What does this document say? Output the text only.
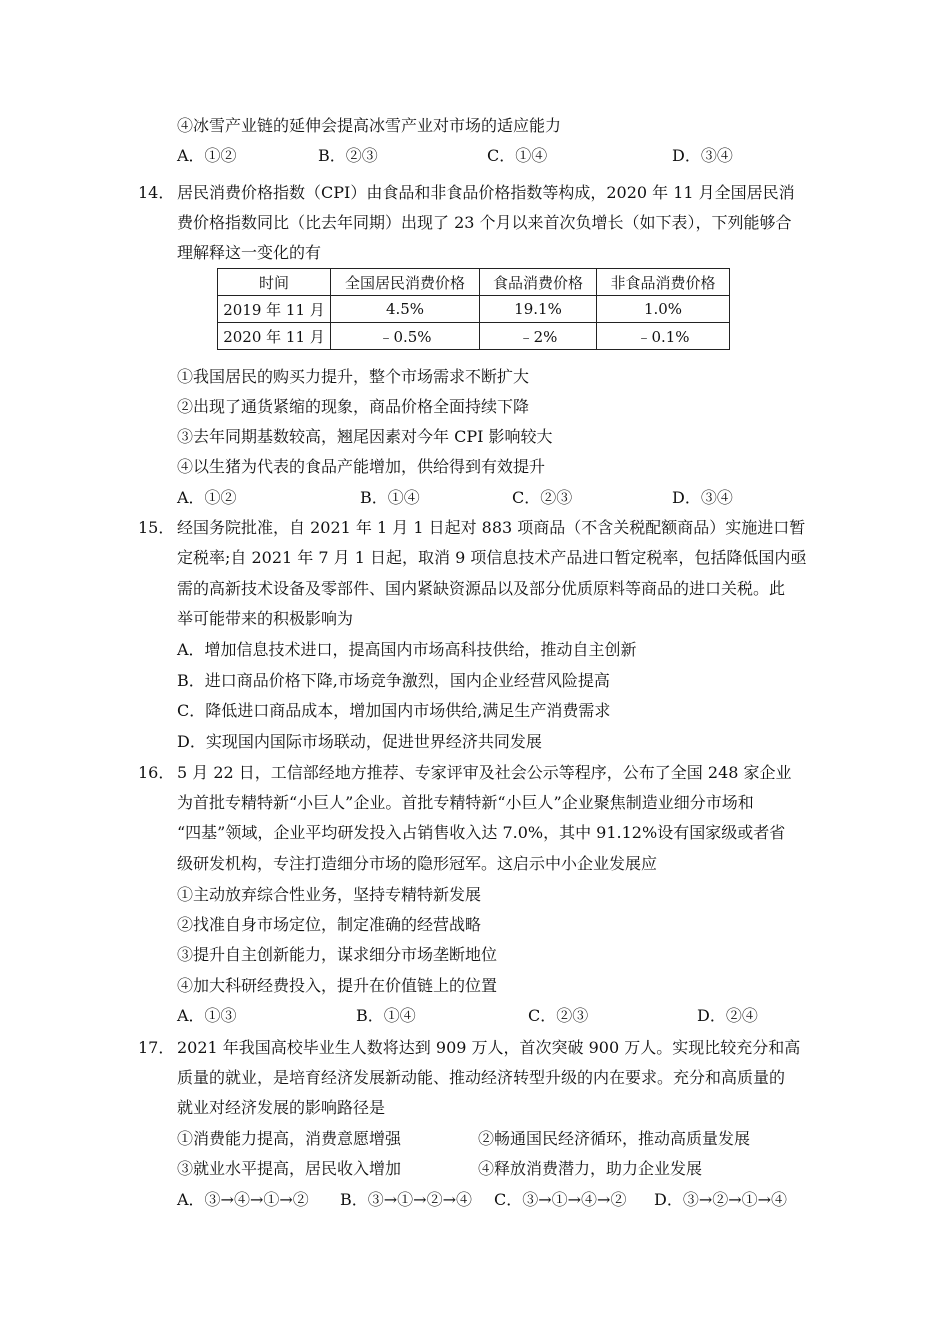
④冰雪产业链的延伸会提高冰雪产业对市场的适应能力
A．①②	B．②③	C．①④	D．③④
14． 居民消费价格指数（CPI）由食品和非食品价格指数等构成，2020 年 11 月全国居民消
费价格指数同比（比去年同期）出现了 23 个月以来首次负增长（如下表），下列能够合
理解释这一变化的有
时间	全国居民消费价格	食品消费价格	非食品消费价格
2019 年 11 月	4.5%	19.1%	1.0%
2020 年 11 月	﹣0.5%	﹣2%	﹣0.1%
①我国居民的购买力提升，整个市场需求不断扩大
②出现了通货紧缩的现象，商品价格全面持续下降
③去年同期基数较高，翘尾因素对今年 CPI 影响较大
④以生猪为代表的食品产能增加，供给得到有效提升
A．①②	B．①④	C．②③	D．③④
15． 经国务院批准，自 2021 年 1 月 1 日起对 883 项商品（不含关税配额商品）实施进口暂
定税率;自 2021 年 7 月 1 日起，取消 9 项信息技术产品进口暂定税率，包括降低国内亟
需的高新技术设备及零部件、国内紧缺资源品以及部分优质原料等商品的进口关税。此
举可能带来的积极影响为
A．增加信息技术进口，提高国内市场高科技供给，推动自主创新
B．进口商品价格下降,市场竞争激烈，国内企业经营风险提高
C．降低进口商品成本，增加国内市场供给,满足生产消费需求
D．实现国内国际市场联动，促进世界经济共同发展
16． 5 月 22 日，工信部经地方推荐、专家评审及社会公示等程序，公布了全国 248 家企业
为首批专精特新“小巨人”企业。首批专精特新“小巨人”企业聚焦制造业细分市场和
“四基”领域，企业平均研发投入占销售收入达 7.0%，其中 91.12%设有国家级或者省
级研发机构，专注打造细分市场的隐形冠军。这启示中小企业发展应
①主动放弃综合性业务，坚持专精特新发展
②找准自身市场定位，制定准确的经营战略
③提升自主创新能力，谋求细分市场垄断地位
④加大科研经费投入，提升在价值链上的位置
A．①③	B．①④	C．②③	D．②④
17． 2021 年我国高校毕业生人数将达到 909 万人，首次突破 900 万人。实现比较充分和高
质量的就业，是培育经济发展新动能、推动经济转型升级的内在要求。充分和高质量的
就业对经济发展的影响路径是
①消费能力提高，消费意愿增强	②畅通国民经济循环，推动高质量发展
③就业水平提高，居民收入增加	④释放消费潜力，助力企业发展
A．③→④→①→② B．③→①→②→④ C．③→①→④→② D．③→②→①→④
